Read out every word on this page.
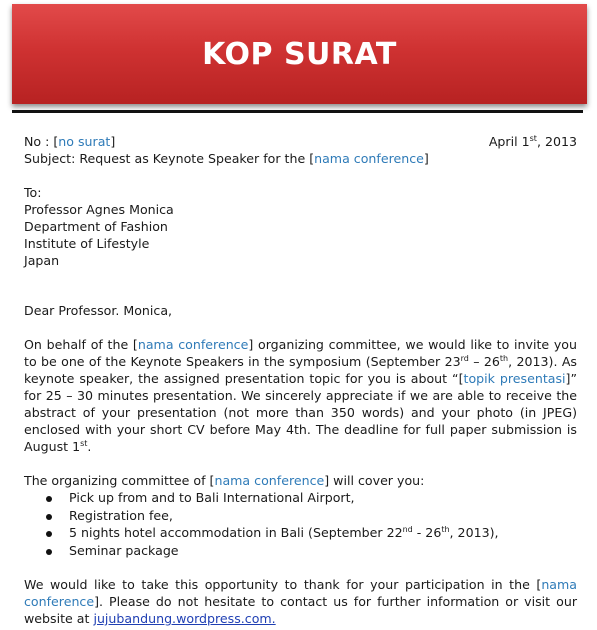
KOP SURAT
No : [no surat]	April 1st, 2013

Subject: Request as Keynote Speaker for the [nama conference]

To:

Professor Agnes Monica

Department of Fashion

Institute of Lifestyle

Japan

Dear Professor. Monica,

On behalf of the [nama conference] organizing committee, we would like to invite you to be one of the Keynote Speakers in the symposium (September 23rd – 26th, 2013). As keynote speaker, the assigned presentation topic for you is about “[topik presentasi]” for 25 – 30 minutes presentation. We sincerely appreciate if we are able to receive the abstract of your presentation (not more than 350 words) and your photo (in JPEG) enclosed with your short CV before May 4th. The deadline for full paper submission is August 1st.

The organizing committee of [nama conference] will cover you:

Pick up from and to Bali International Airport,
Registration fee,
5 nights hotel accommodation in Bali (September 22nd - 26th, 2013),
Seminar package

We would like to take this opportunity to thank for your participation in the [nama conference]. Please do not hesitate to contact us for further information or visit our website at jujubandung.wordpress.com.
